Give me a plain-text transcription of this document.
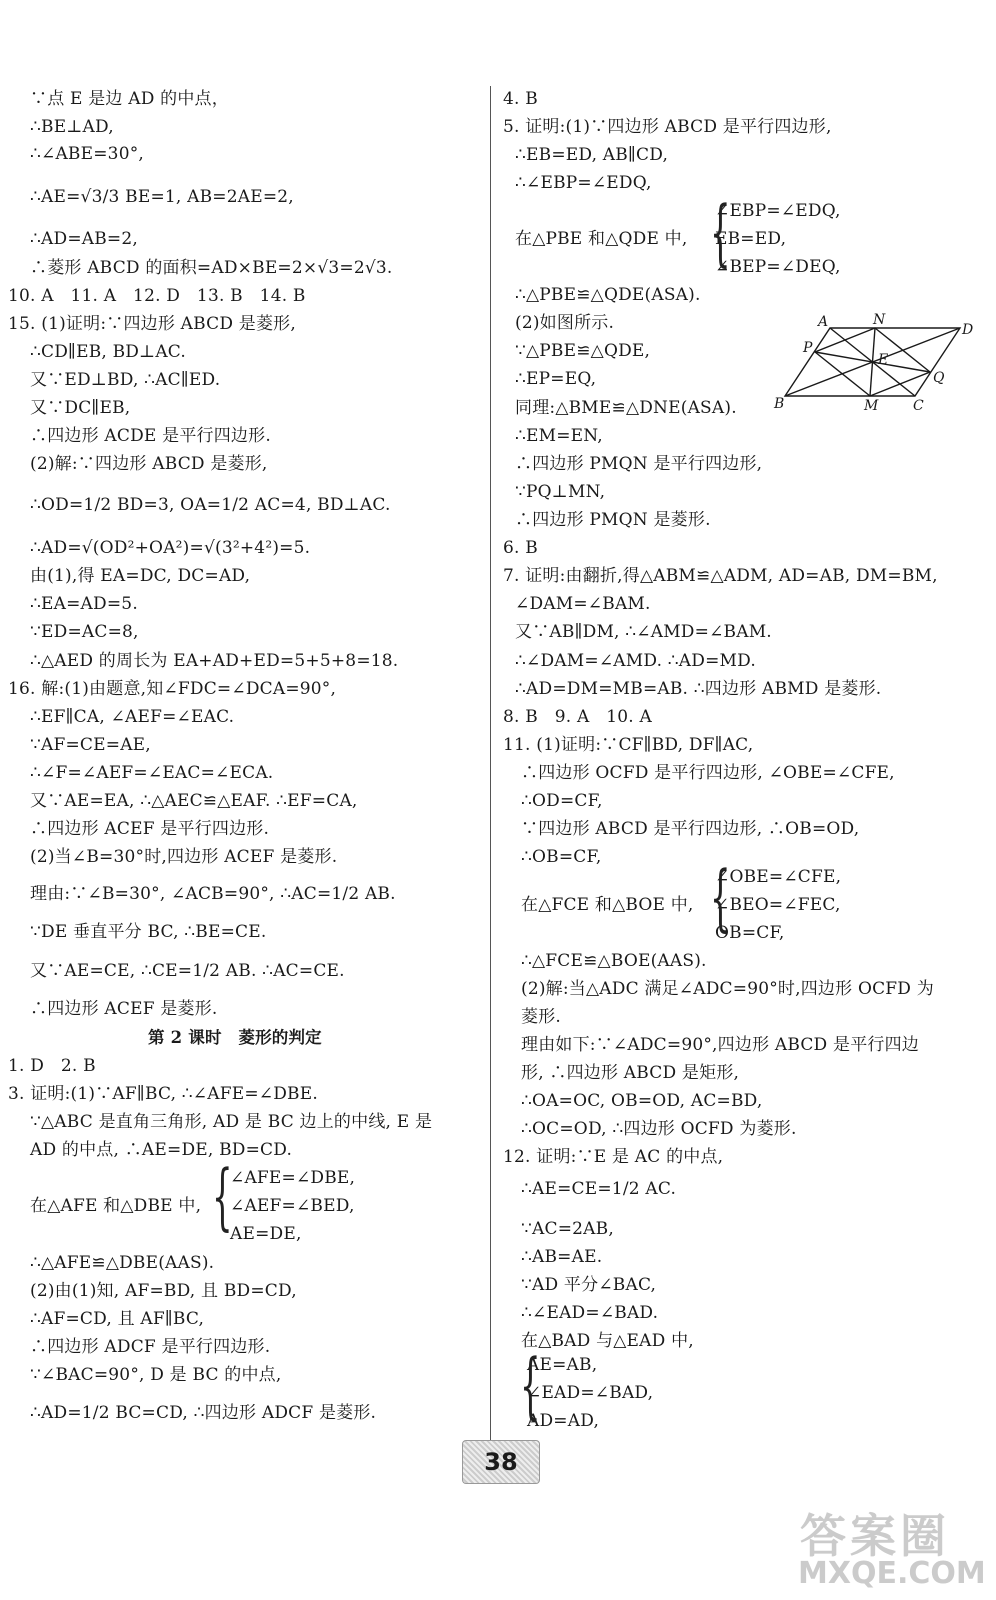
∵点 E 是边 AD 的中点，
∴BE⊥AD,
∴∠ABE=30°,
∴AE=√3/3 BE=1, AB=2AE=2,
∴AD=AB=2,
∴菱形 ABCD 的面积=AD×BE=2×√3=2√3.
10. A   11. A   12. D   13. B   14. B
15. (1)证明:∵四边形 ABCD 是菱形,
∴CD∥EB, BD⊥AC.
又∵ED⊥BD, ∴AC∥ED.
又∵DC∥EB,
∴四边形 ACDE 是平行四边形.
(2)解:∵四边形 ABCD 是菱形,
∴OD=1/2 BD=3, OA=1/2 AC=4, BD⊥AC.
∴AD=√(OD²+OA²)=√(3²+4²)=5.
由(1),得 EA=DC, DC=AD,
∴EA=AD=5.
∵ED=AC=8,
∴△AED 的周长为 EA+AD+ED=5+5+8=18.
16. 解:(1)由题意,知∠FDC=∠DCA=90°,
∴EF∥CA, ∠AEF=∠EAC.
∵AF=CE=AE,
∴∠F=∠AEF=∠EAC=∠ECA.
又∵AE=EA, ∴△AEC≌△EAF. ∴EF=CA,
∴四边形 ACEF 是平行四边形.
(2)当∠B=30°时,四边形 ACEF 是菱形.
理由:∵∠B=30°, ∠ACB=90°, ∴AC=1/2 AB.
∵DE 垂直平分 BC, ∴BE=CE.
又∵AE=CE, ∴CE=1/2 AB. ∴AC=CE.
∴四边形 ACEF 是菱形.
第 2 课时　菱形的判定
1. D   2. B
3. 证明:(1)∵AF∥BC, ∴∠AFE=∠DBE.
∵△ABC 是直角三角形, AD 是 BC 边上的中线, E 是
AD 的中点, ∴AE=DE, BD=CD.
∠AFE=∠DBE,
在△AFE 和△DBE 中, ∠AEF=∠BED,
AE=DE,
∴△AFE≌△DBE(AAS).
(2)由(1)知, AF=BD, 且 BD=CD,
∴AF=CD, 且 AF∥BC,
∴四边形 ADCF 是平行四边形.
∵∠BAC=90°, D 是 BC 的中点,
∴AD=1/2 BC=CD, ∴四边形 ADCF 是菱形.
4. B
5. 证明:(1)∵四边形 ABCD 是平行四边形,
∴EB=ED, AB∥CD,
∴∠EBP=∠EDQ,
∠EBP=∠EDQ,
在△PBE 和△QDE 中, EB=ED,
∠BEP=∠DEQ,
∴△PBE≌△QDE(ASA).
(2)如图所示.
∵△PBE≌△QDE,
∴EP=EQ,
同理:△BME≌△DNE(ASA).
∴EM=EN,
∴四边形 PMQN 是平行四边形,
∵PQ⊥MN,
∴四边形 PMQN 是菱形.
6. B
7. 证明:由翻折,得△ABM≌△ADM, AD=AB, DM=BM,
∠DAM=∠BAM.
又∵AB∥DM, ∴∠AMD=∠BAM.
∴∠DAM=∠AMD. ∴AD=MD.
∴AD=DM=MB=AB. ∴四边形 ABMD 是菱形.
8. B   9. A   10. A
11. (1)证明:∵CF∥BD, DF∥AC,
∴四边形 OCFD 是平行四边形, ∠OBE=∠CFE,
∴OD=CF,
∵四边形 ABCD 是平行四边形, ∴OB=OD,
∴OB=CF,
∠OBE=∠CFE,
在△FCE 和△BOE 中, ∠BEO=∠FEC,
OB=CF,
∴△FCE≌△BOE(AAS).
(2)解:当△ADC 满足∠ADC=90°时,四边形 OCFD 为
菱形.
理由如下:∵∠ADC=90°,四边形 ABCD 是平行四边
形, ∴四边形 ABCD 是矩形,
∴OA=OC, OB=OD, AC=BD,
∴OC=OD, ∴四边形 OCFD 为菱形.
12. 证明:∵E 是 AC 的中点,
∴AE=CE=1/2 AC.
∵AC=2AB,
∴AB=AE.
∵AD 平分∠BAC,
∴∠EAD=∠BAD.
在△BAD 与△EAD 中,
AE=AB,
∠EAD=∠BAD,
AD=AD,
{
{
{
{
A	N
D
P
E
Q
B	M C
38
答案圈
MXQE.COM
